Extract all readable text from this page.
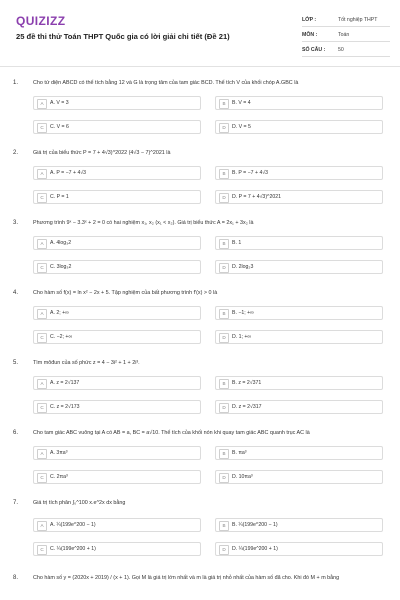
QUIZIZZ
25 đề thi thử Toán THPT Quốc gia có lời giải chi tiết (Đề 21)
LỚP :	Tốt nghiệp THPT
MÔN :	Toán
SỐ CÂU : 50
1.	Cho tứ diện ABCD có thể tích bằng 12 và G là trọng tâm của tam giác BCD. Thể tích V của khối chóp A.GBC là
A	A. V = 3	B	B. V = 4
C	C. V = 6	D	D. V = 5
2.	Giá trị của biểu thức P = 7 + 4√3)^2022 (4√3 − 7)^2021 là
A	A. P = −7 + 4√3	B	B. P = −7 + 4√3
C	C. P = 1	D	D. P = 7 + 4√3)^2021
3.	Phương trình 9ˣ − 3.3ˣ + 2 = 0 có hai nghiệm x₁, x₂ (x₁ < x₂). Giá trị biểu thức A = 2x₁ + 3x₂ là
A	A. 4log₃2	B	B. 1
C	C. 3log₃2	D	D. 2log₂3
4.	Cho hàm số f(x) = ln x² − 2x + 5. Tập nghiệm của bất phương trình f′(x) > 0 là
A	A. 2; +∞	B	B. −1; +∞
C	C. −2; +∞	D	D. 1; +∞
5.	Tìm môđun của số phức z = 4 − 3i² + 1 + 2i³.
A	A. z = 2√137	B	B. z = 2√371
C	C. z = 2√173	D	D. z = 2√317
6.	Cho tam giác ABC vuông tại A có AB = a, BC = a√10. Thể tích của khối nón khi quay tam giác ABC quanh trục AC là
A	A. 3πa³	B	B. πa³
C	C. 2πa³	D	D. 10πa³
7.	Giá trị tích phân ∫₀^100 x.e^2x dx bằng
A	A. ¼(199e^200 − 1)	B	B. ¼(199e^200 − 1)
C	C. ¼(199e^200 + 1)	D	D. ¼(199e^200 + 1)
8.	Cho hàm số y = (2020x + 2019) / (x + 1). Gọi M là giá trị lớn nhất và m là giá trị nhỏ nhất của hàm số đã cho. Khi đó M + m bằng
